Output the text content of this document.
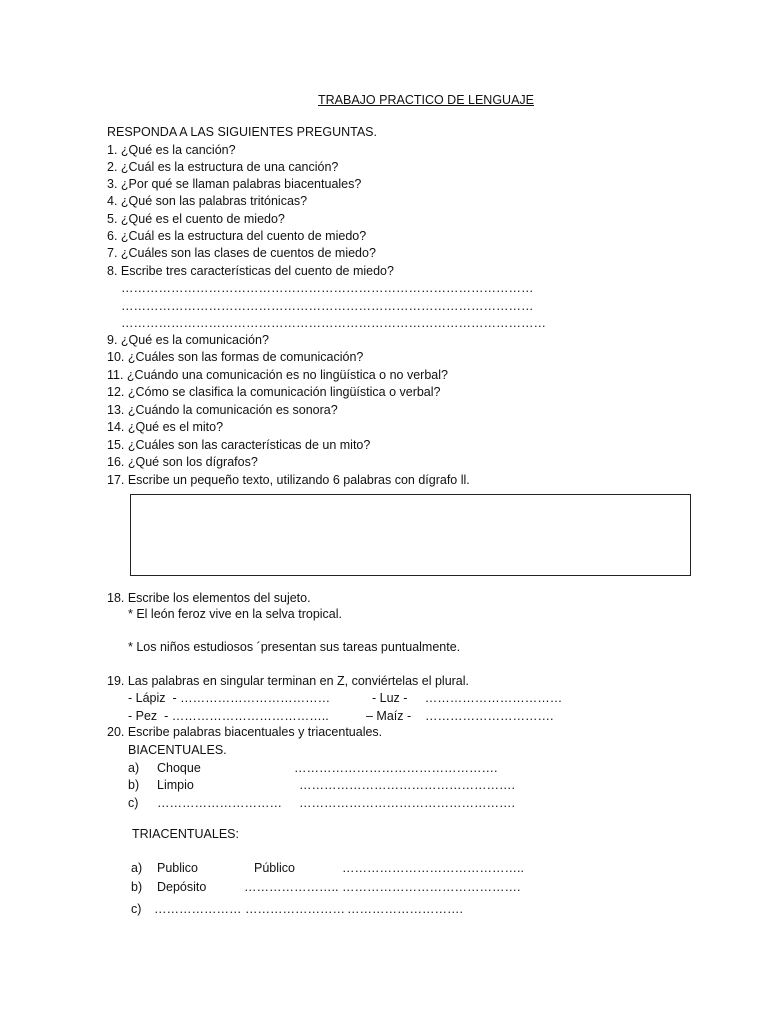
TRABAJO PRACTICO DE LENGUAJE
RESPONDA A LAS SIGUIENTES PREGUNTAS.
1. ¿Qué es la canción?
2. ¿Cuál es la estructura de una canción?
3. ¿Por qué se llaman palabras biacentuales?
4. ¿Qué son las palabras tritónicas?
5. ¿Qué es el cuento de miedo?
6. ¿Cuál es la estructura del cuento de miedo?
7. ¿Cuáles son las clases de cuentos de miedo?
8. Escribe tres características del cuento de miedo?
………………………………………………………………………………………
………………………………………………………………………………………
…………………………………………………………………………………………
9. ¿Qué es la comunicación?
10. ¿Cuáles son las formas de comunicación?
11. ¿Cuándo una comunicación es no lingüística o no verbal?
12. ¿Cómo se clasifica la comunicación lingüística o verbal?
13. ¿Cuándo la comunicación es sonora?
14. ¿Qué es el mito?
15. ¿Cuáles son las características de un mito?
16. ¿Qué son los dígrafos?
17. Escribe un pequeño texto, utilizando 6 palabras con dígrafo ll.
18. Escribe los elementos del sujeto.
* El león feroz vive en la selva tropical.
* Los niños estudiosos ´presentan sus tareas puntualmente.
19. Las palabras en singular terminan en Z, conviértelas el plural.
- Lápiz  - ………………………………	- Luz -     ……………………………
- Pez  - ………………………………..	– Maíz -    ………………………….
20. Escribe palabras biacentuales y triacentuales.
BIACENTUALES.
a) Choque	………………………………………….
b) Limpio	…………………………………………….
c) ………………………… …………………………………………….
TRIACENTUALES:
a) Publico	Público	……………………………………..
b) Depósito	………………….. …………………………………….
c) ………………… …………………… ……………………….
